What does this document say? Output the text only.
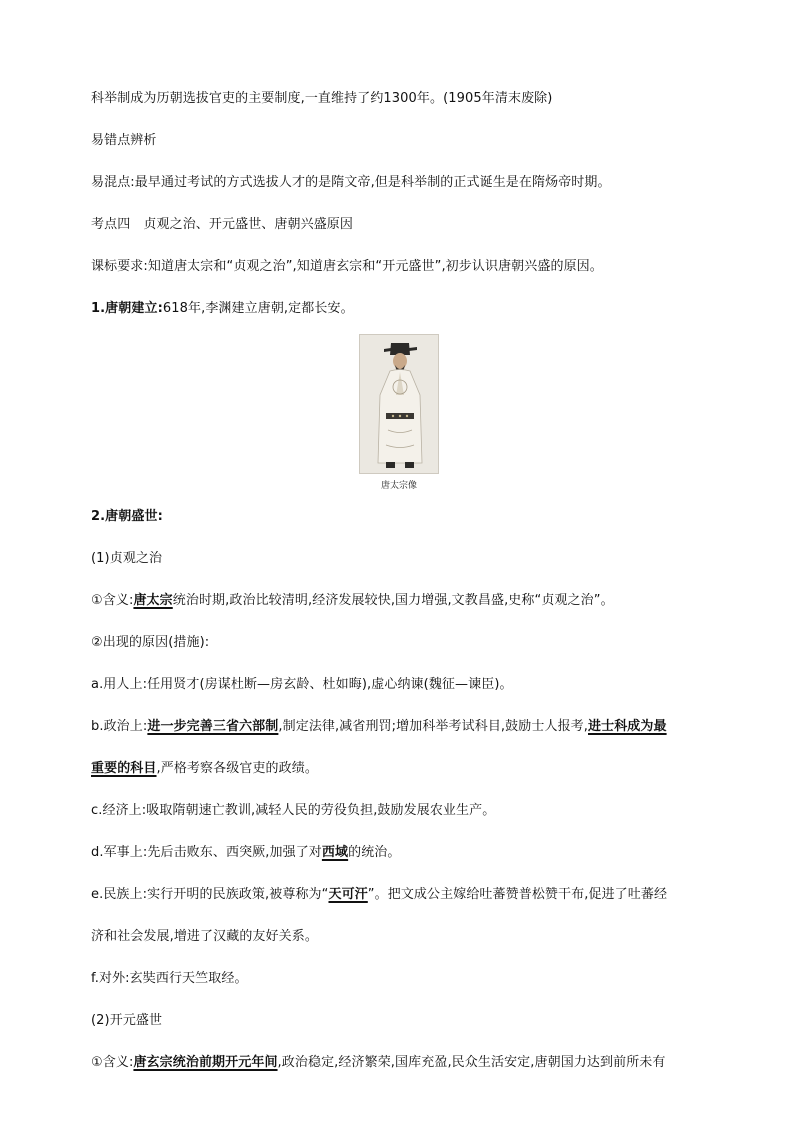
科举制成为历朝选拔官吏的主要制度,一直维持了约1300年。(1905年清末废除)
易错点辨析
易混点:最早通过考试的方式选拔人才的是隋文帝,但是科举制的正式诞生是在隋炀帝时期。
考点四　贞观之治、开元盛世、唐朝兴盛原因
课标要求:知道唐太宗和“贞观之治”,知道唐玄宗和“开元盛世”,初步认识唐朝兴盛的原因。
1.唐朝建立:618年,李渊建立唐朝,定都长安。
唐太宗像
2.唐朝盛世:
(1)贞观之治
①含义:唐太宗统治时期,政治比较清明,经济发展较快,国力增强,文教昌盛,史称“贞观之治”。
②出现的原因(措施):
a.用人上:任用贤才(房谋杜断—房玄龄、杜如晦),虚心纳谏(魏征—谏臣)。
b.政治上:进一步完善三省六部制,制定法律,减省刑罚;增加科举考试科目,鼓励士人报考,进士科成为最
重要的科目,严格考察各级官吏的政绩。
c.经济上:吸取隋朝速亡教训,减轻人民的劳役负担,鼓励发展农业生产。
d.军事上:先后击败东、西突厥,加强了对西域的统治。
e.民族上:实行开明的民族政策,被尊称为“天可汗”。把文成公主嫁给吐蕃赞普松赞干布,促进了吐蕃经
济和社会发展,增进了汉藏的友好关系。
f.对外:玄奘西行天竺取经。
(2)开元盛世
①含义:唐玄宗统治前期开元年间,政治稳定,经济繁荣,国库充盈,民众生活安定,唐朝国力达到前所未有
